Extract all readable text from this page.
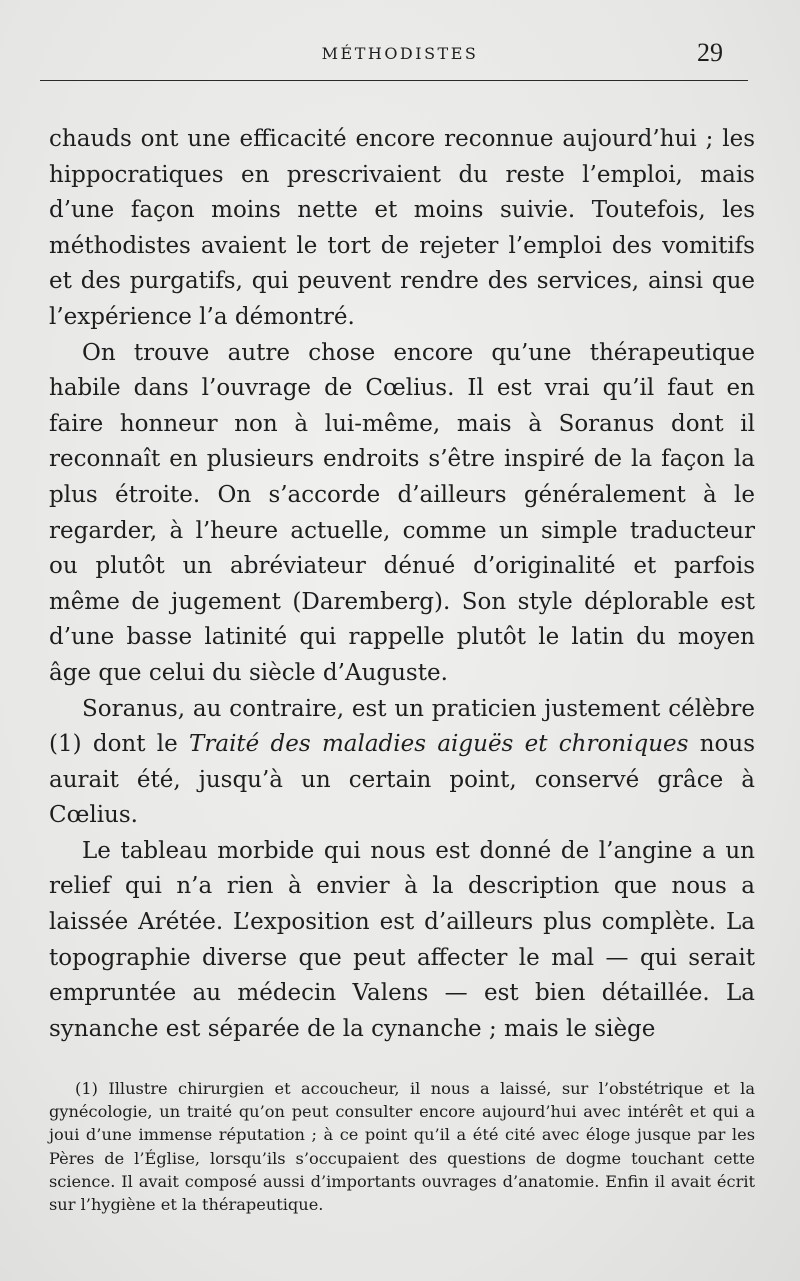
MÉTHODISTES	29

chauds ont une efficacité encore reconnue aujourd’hui ; les hippocratiques en prescrivaient du reste l’emploi, mais d’une façon moins nette et moins suivie. Toutefois, les méthodistes avaient le tort de rejeter l’emploi des vomitifs et des purgatifs, qui peuvent rendre des services, ainsi que l’expérience l’a démontré.

On trouve autre chose encore qu’une thérapeutique habile dans l’ouvrage de Cœlius. Il est vrai qu’il faut en faire honneur non à lui-même, mais à Soranus dont il reconnaît en plusieurs endroits s’être inspiré de la façon la plus étroite. On s’accorde d’ailleurs généralement à le regarder, à l’heure actuelle, comme un simple traducteur ou plutôt un abréviateur dénué d’originalité et parfois même de jugement (Daremberg). Son style déplorable est d’une basse latinité qui rappelle plutôt le latin du moyen âge que celui du siècle d’Auguste.

Soranus, au contraire, est un praticien justement célèbre (1) dont le Traité des maladies aiguës et chroniques nous aurait été, jusqu’à un certain point, conservé grâce à Cœlius.

Le tableau morbide qui nous est donné de l’angine a un relief qui n’a rien à envier à la description que nous a laissée Arétée. L’exposition est d’ailleurs plus complète. La topographie diverse que peut affecter le mal — qui serait empruntée au médecin Valens — est bien détaillée. La synanche est séparée de la cynanche ; mais le siège

(1) Illustre chirurgien et accoucheur, il nous a laissé, sur l’obstétrique et la gynécologie, un traité qu’on peut consulter encore aujourd’hui avec intérêt et qui a joui d’une immense réputation ; à ce point qu’il a été cité avec éloge jusque par les Pères de l’Église, lorsqu’ils s’occupaient des questions de dogme touchant cette science. Il avait composé aussi d’importants ouvrages d’anatomie. Enfin il avait écrit sur l’hygiène et la thérapeutique.
